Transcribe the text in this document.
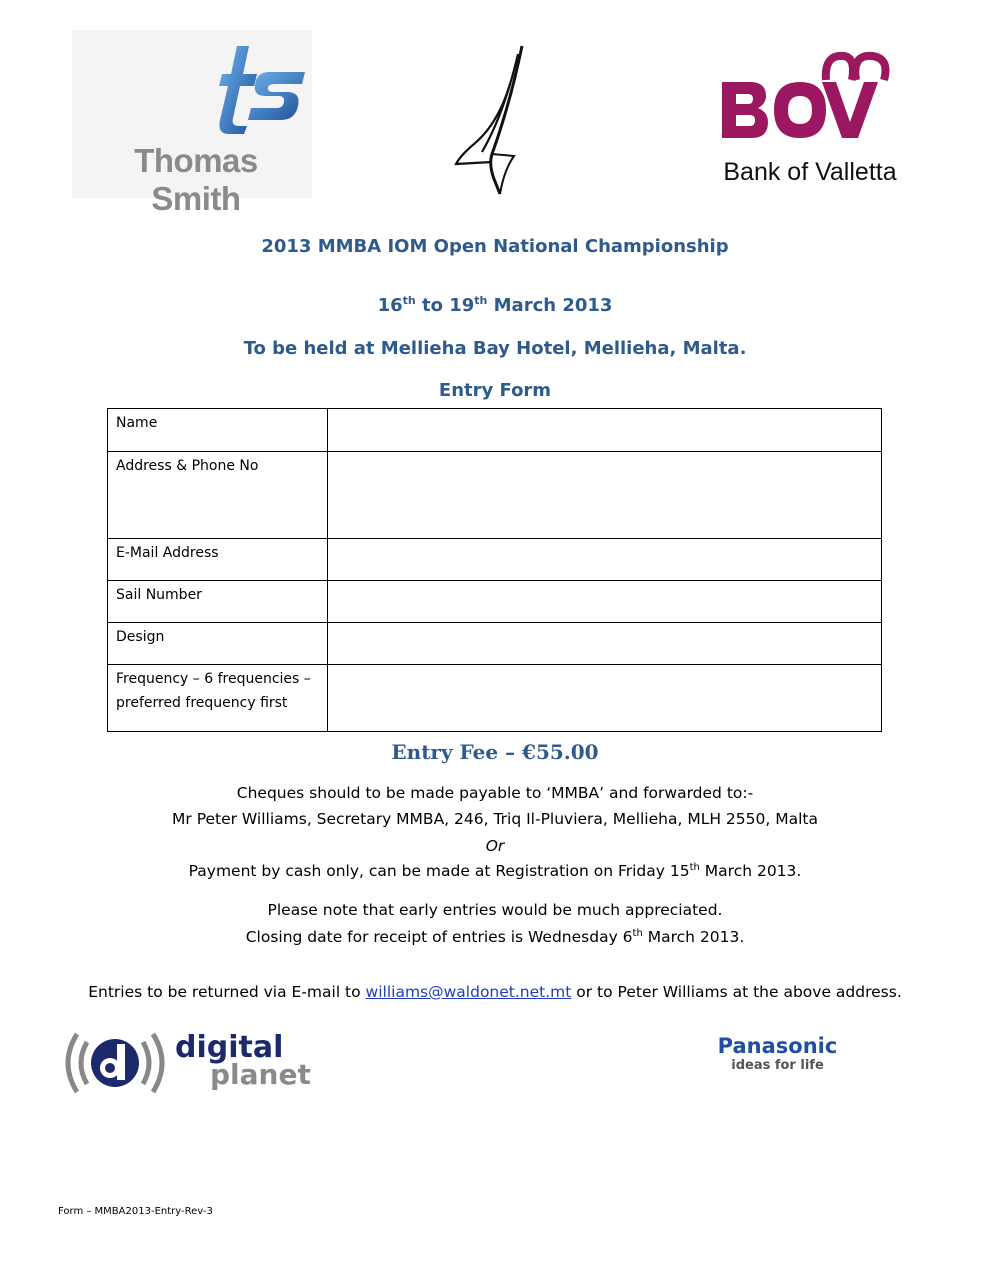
Thomas Smith
Bank of Valletta
2013 MMBA IOM Open National Championship
16th to 19th March 2013
To be held at Mellieha Bay Hotel, Mellieha, Malta.
Entry Form
Name	
Address & Phone No	
E-Mail Address	
Sail Number	
Design	
Frequency – 6 frequencies – preferred frequency first	
Entry Fee – €55.00
Cheques should to be made payable to ‘MMBA’ and forwarded to:-
Mr Peter Williams, Secretary MMBA, 246, Triq Il-Pluviera, Mellieha, MLH 2550, Malta
Or
Payment by cash only, can be made at Registration on Friday 15th March 2013.
Please note that early entries would be much appreciated.
Closing date for receipt of entries is Wednesday 6th March 2013.
Entries to be returned via E-mail to williams@waldonet.net.mt or to Peter Williams at the above address.
digital
planet
Panasonic
ideas for life
Form – MMBA2013-Entry-Rev-3
